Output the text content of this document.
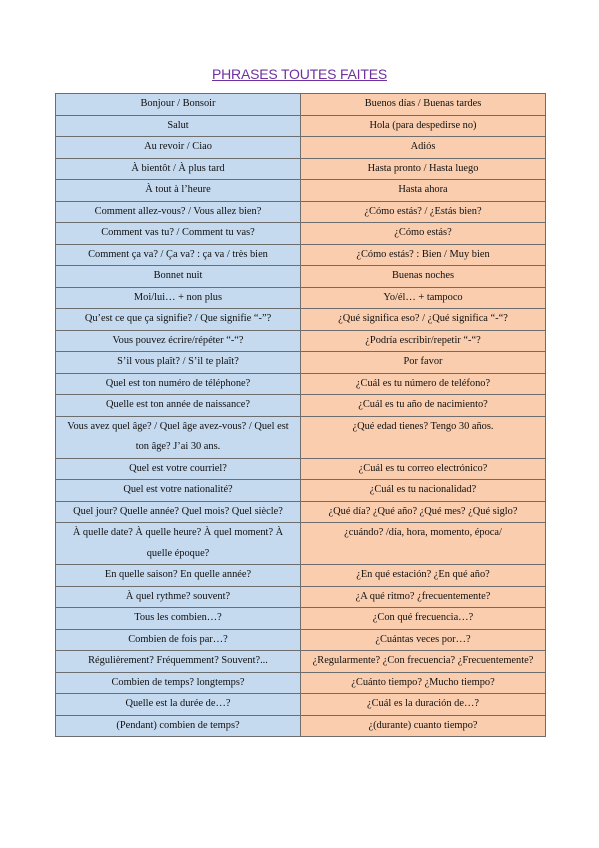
PHRASES TOUTES FAITES
Bonjour / Bonsoir	Buenos días / Buenas tardes
Salut	Hola (para despedirse no)
Au revoir / Ciao	Adiós
À bientôt / À plus tard	Hasta pronto / Hasta luego
À tout à l’heure	Hasta ahora
Comment allez-vous? / Vous allez bien?	¿Cómo estás? / ¿Estás bien?
Comment vas tu? / Comment tu vas?	¿Cómo estás?
Comment ça va? / Ça va? : ça va / très bien	¿Cómo estás? : Bien / Muy bien
Bonnet nuit	Buenas noches
Moi/lui… + non plus	Yo/él… + tampoco
Qu’est ce que ça signifie? / Que signifie “-”?	¿Qué significa eso? / ¿Qué significa “-“?
Vous pouvez écrire/répéter “-“?	¿Podría escribir/repetir “-“?
S’il vous plaît? / S’il te plaît?	Por favor
Quel est ton numéro de téléphone?	¿Cuál es tu número de teléfono?
Quelle est ton année de naissance?	¿Cuál es tu año de nacimiento?
Vous avez quel âge? / Quel âge avez-vous? / Quel est ton âge? J’ai 30 ans.	¿Qué edad tienes? Tengo 30 años.
Quel est votre courriel?	¿Cuál es tu correo electrónico?
Quel est votre nationalité?	¿Cuál es tu nacionalidad?
Quel jour? Quelle année? Quel mois? Quel siècle?	¿Qué día? ¿Qué año? ¿Qué mes? ¿Qué siglo?
À quelle date? À quelle heure? À quel moment? À quelle époque?	¿cuándo? /día, hora, momento, época/
En quelle saison? En quelle année?	¿En qué estación? ¿En qué año?
À quel rythme? souvent?	¿A qué ritmo? ¿frecuentemente?
Tous les combien…?	¿Con qué frecuencia…?
Combien de fois par…?	¿Cuántas veces por…?
Régulièrement? Fréquemment? Souvent?...	¿Regularmente? ¿Con frecuencia? ¿Frecuentemente?
Combien de temps? longtemps?	¿Cuánto tiempo? ¿Mucho tiempo?
Quelle est la durée de…?	¿Cuál es la duración de…?
(Pendant) combien de temps?	¿(durante) cuanto tiempo?
